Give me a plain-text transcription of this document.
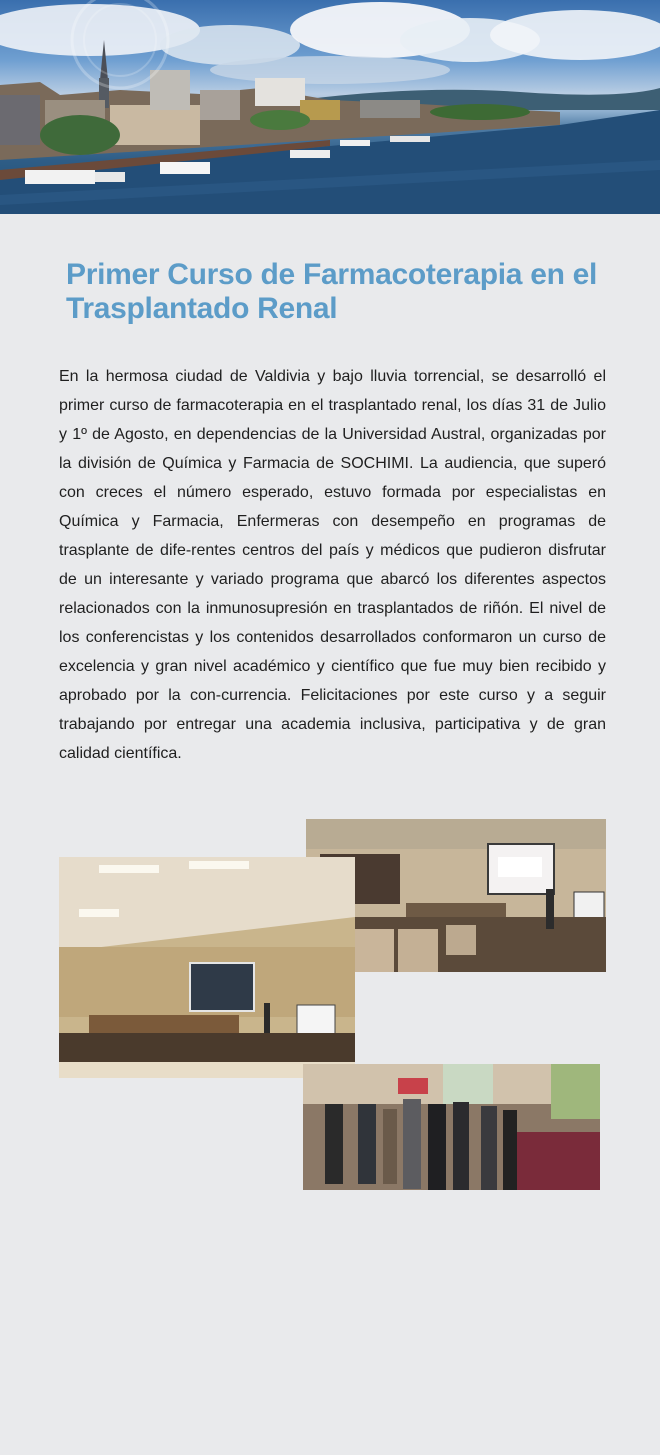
Primer Curso de Farmacoterapia en el Trasplantado Renal

En la hermosa ciudad de Valdivia y bajo lluvia torrencial, se desarrolló el primer curso de farmacoterapia en el trasplantado renal, los días 31 de Julio y 1º de Agosto, en dependencias de la Universidad Austral, organizadas por la división de Química y Farmacia de SOCHIMI. La audiencia, que superó con creces el número esperado, estuvo formada por especialistas en Química y Farmacia, Enfermeras con desempeño en programas de trasplante de dife-rentes centros del país y médicos que pudieron disfrutar de un interesante y variado programa que abarcó los diferentes aspectos relacionados con la inmunosupresión en trasplantados de riñón. El nivel de los conferencistas y los contenidos desarrollados conformaron un curso de excelencia y gran nivel académico y científico que fue muy bien recibido y aprobado por la con-currencia. Felicitaciones por este curso y a seguir trabajando por entregar una academia inclusiva, participativa y de gran calidad científica.
